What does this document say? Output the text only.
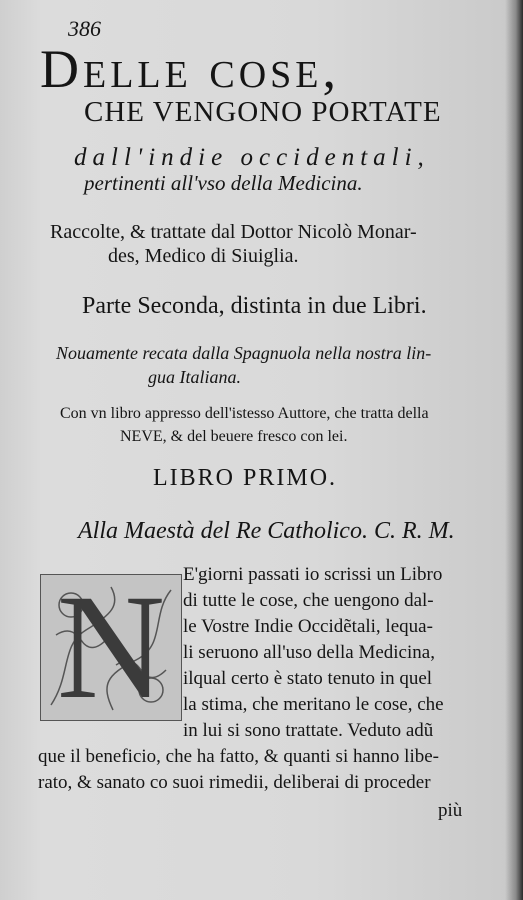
386
Delle cose,
CHE VENGONO PORTATE
dall'indie occidentali,
pertinenti all'vso della Medicina.
Raccolte, & trattate dal Dottor Nicolò Monar-
des, Medico di Siuiglia.
Parte Seconda, distinta in due Libri.
Nouamente recata dalla Spagnuola nella nostra lin-
gua Italiana.
Con vn libro appresso dell'istesso Auttore, che tratta della
NEVE, & del beuere fresco con lei.
LIBRO PRIMO.
Alla Maestà del Re Catholico. C. R. M.
N E'giorni passati io scrissi un Libro
di tutte le cose, che uengono dal-
le Vostre Indie Occidẽtali, lequa-
li seruono all'uso della Medicina,
ilqual certo è stato tenuto in quel
la stima, che meritano le cose, che
in lui si sono trattate. Veduto adũ
que il beneficio, che ha fatto, & quanti si hanno libe-
rato, & sanato co suoi rimedii, deliberai di proceder
più
